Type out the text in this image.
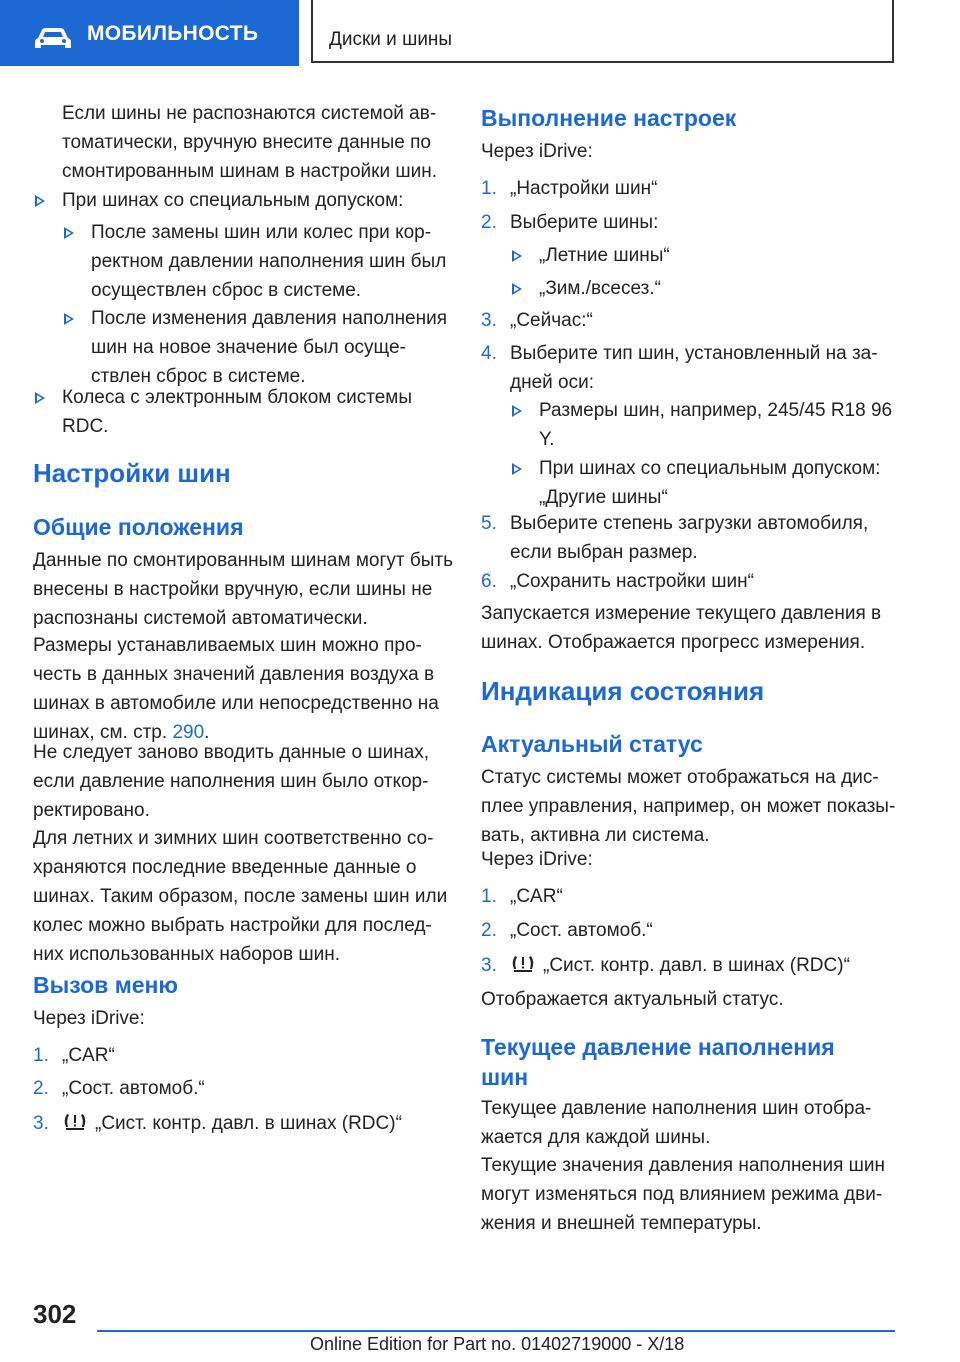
МОБИЛЬНОСТЬ	Диски и шины

Если шины не распознаются системой ав-томатически, вручную внесите данные по смонтированным шинам в настройки шин.

При шинах со специальным допуском:

После замены шин или колес при кор-ректном давлении наполнения шин был осуществлен сброс в системе.

После изменения давления наполнения шин на новое значение был осуще-ствлен сброс в системе.

Колеса с электронным блоком системы RDC.

Настройки шин
Общие положения

Данные по смонтированным шинам могут быть внесены в настройки вручную, если шины не распознаны системой автоматически.

Размеры устанавливаемых шин можно про-честь в данных значений давления воздуха в шинах в автомобиле или непосредственно на шинах, см. стр. 290.

Не следует заново вводить данные о шинах, если давление наполнения шин было откор-ректировано.

Для летних и зимних шин соответственно со-храняются последние введенные данные о шинах. Таким образом, после замены шин или колес можно выбрать настройки для послед-них использованных наборов шин.

Вызов меню

Через iDrive:

1. „CAR“

2. „Сост. автомоб.“

3. „Сист. контр. давл. в шинах (RDC)“

Выполнение настроек

Через iDrive:

1. „Настройки шин“

2. Выберите шины:

„Летние шины“

„Зим./всесез.“

3. „Сейчас:“

4. Выберите тип шин, установленный на за-дней оси:

Размеры шин, например, 245/45 R18 96 Y.

При шинах со специальным допуском: „Другие шины“

5. Выберите степень загрузки автомобиля, если выбран размер.

6. „Сохранить настройки шин“

Запускается измерение текущего давления в шинах. Отображается прогресс измерения.

Индикация состояния
Актуальный статус

Статус системы может отображаться на дис-плее управления, например, он может показы-вать, активна ли система.

Через iDrive:

1. „CAR“

2. „Сост. автомоб.“

3. „Сист. контр. давл. в шинах (RDC)“

Отображается актуальный статус.

Текущее давление наполнения шин

Текущее давление наполнения шин отобра-жается для каждой шины.

Текущие значения давления наполнения шин могут изменяться под влиянием режима дви-жения и внешней температуры.

302
Online Edition for Part no. 01402719000 - X/18
